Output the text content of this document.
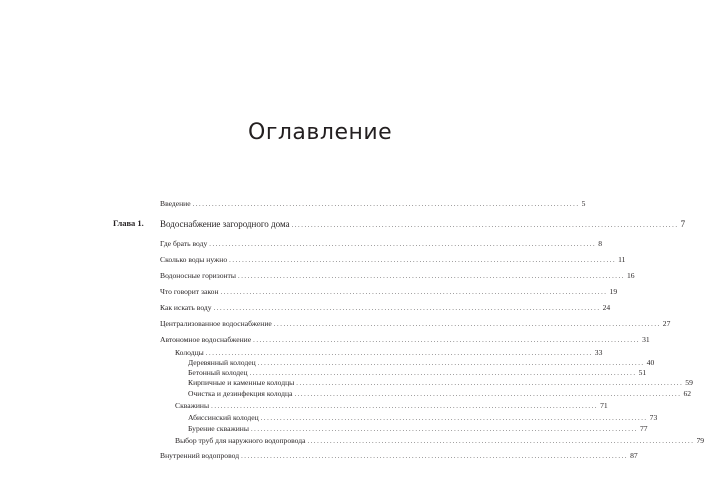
Оглавление
Глава 1.
Введение ........................................................................................................................ 5
Водоснабжение загородного дома ........................................................................................................................ 7
Где брать воду ........................................................................................................................ 8
Сколько воды нужно ........................................................................................................................ 11
Водоносные горизонты ........................................................................................................................ 16
Что говорит закон ........................................................................................................................ 19
Как искать воду ........................................................................................................................ 24
Централизованное водоснабжение ........................................................................................................................ 27
Автономное водоснабжение ........................................................................................................................ 31
Колодцы ........................................................................................................................ 33
Деревянный колодец ........................................................................................................................ 40
Бетонный колодец ........................................................................................................................ 51
Кирпичные и каменные колодцы ........................................................................................................................ 59
Очистка и дезинфекция колодца ........................................................................................................................ 62
Скважины ........................................................................................................................ 71
Абиссинский колодец ........................................................................................................................ 73
Бурение скважины ........................................................................................................................ 77
Выбор труб для наружного водопровода ........................................................................................................................ 79
Внутренний водопровод ........................................................................................................................ 87
